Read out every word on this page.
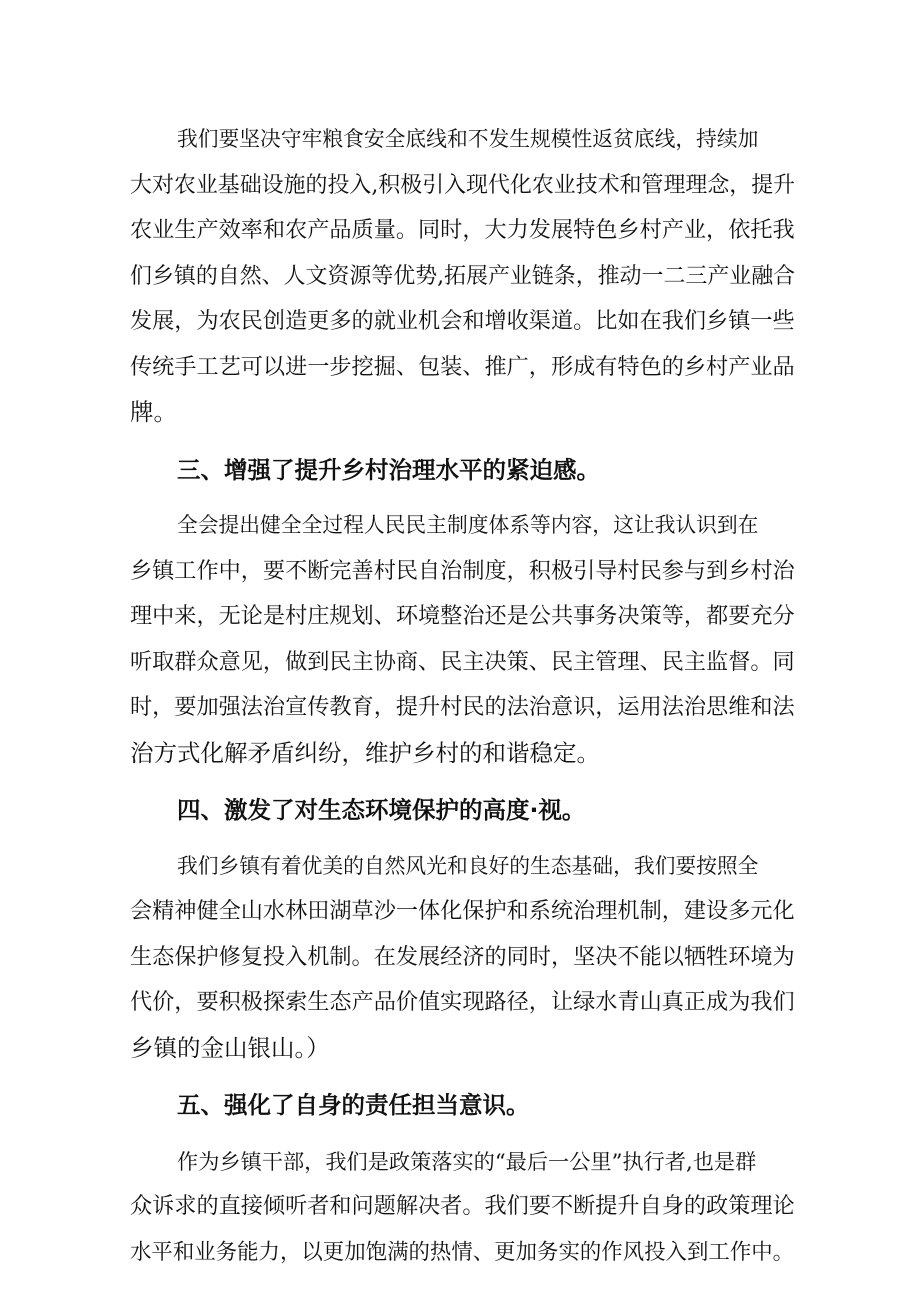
我们要坚决守牢粮食安全底线和不发生规模性返贫底线，持续加
大对农业基础设施的投入,积极引入现代化农业技术和管理理念，提升
农业生产效率和农产品质量。同时，大力发展特色乡村产业，依托我
们乡镇的自然、人文资源等优势,拓展产业链条，推动一二三产业融合
发展，为农民创造更多的就业机会和增收渠道。比如在我们乡镇一些
传统手工艺可以进一步挖掘、包装、推广，形成有特色的乡村产业品
牌。

三、增强了提升乡村治理水平的紧迫感。

全会提出健全全过程人民民主制度体系等内容，这让我认识到在
乡镇工作中，要不断完善村民自治制度，积极引导村民参与到乡村治
理中来，无论是村庄规划、环境整治还是公共事务决策等，都要充分
听取群众意见，做到民主协商、民主决策、民主管理、民主监督。同
时，要加强法治宣传教育，提升村民的法治意识，运用法治思维和法
治方式化解矛盾纠纷，维护乡村的和谐稳定。

四、激发了对生态环境保护的高度·视。

我们乡镇有着优美的自然风光和良好的生态基础，我们要按照全
会精神健全山水林田湖草沙一体化保护和系统治理机制，建设多元化
生态保护修复投入机制。在发展经济的同时，坚决不能以牺牲环境为
代价，要积极探索生态产品价值实现路径，让绿水青山真正成为我们
乡镇的金山银山。）

五、强化了自身的责任担当意识。

作为乡镇干部，我们是政策落实的“最后一公里”执行者,也是群
众诉求的直接倾听者和问题解决者。我们要不断提升自身的政策理论
水平和业务能力，以更加饱满的热情、更加务实的作风投入到工作中。
